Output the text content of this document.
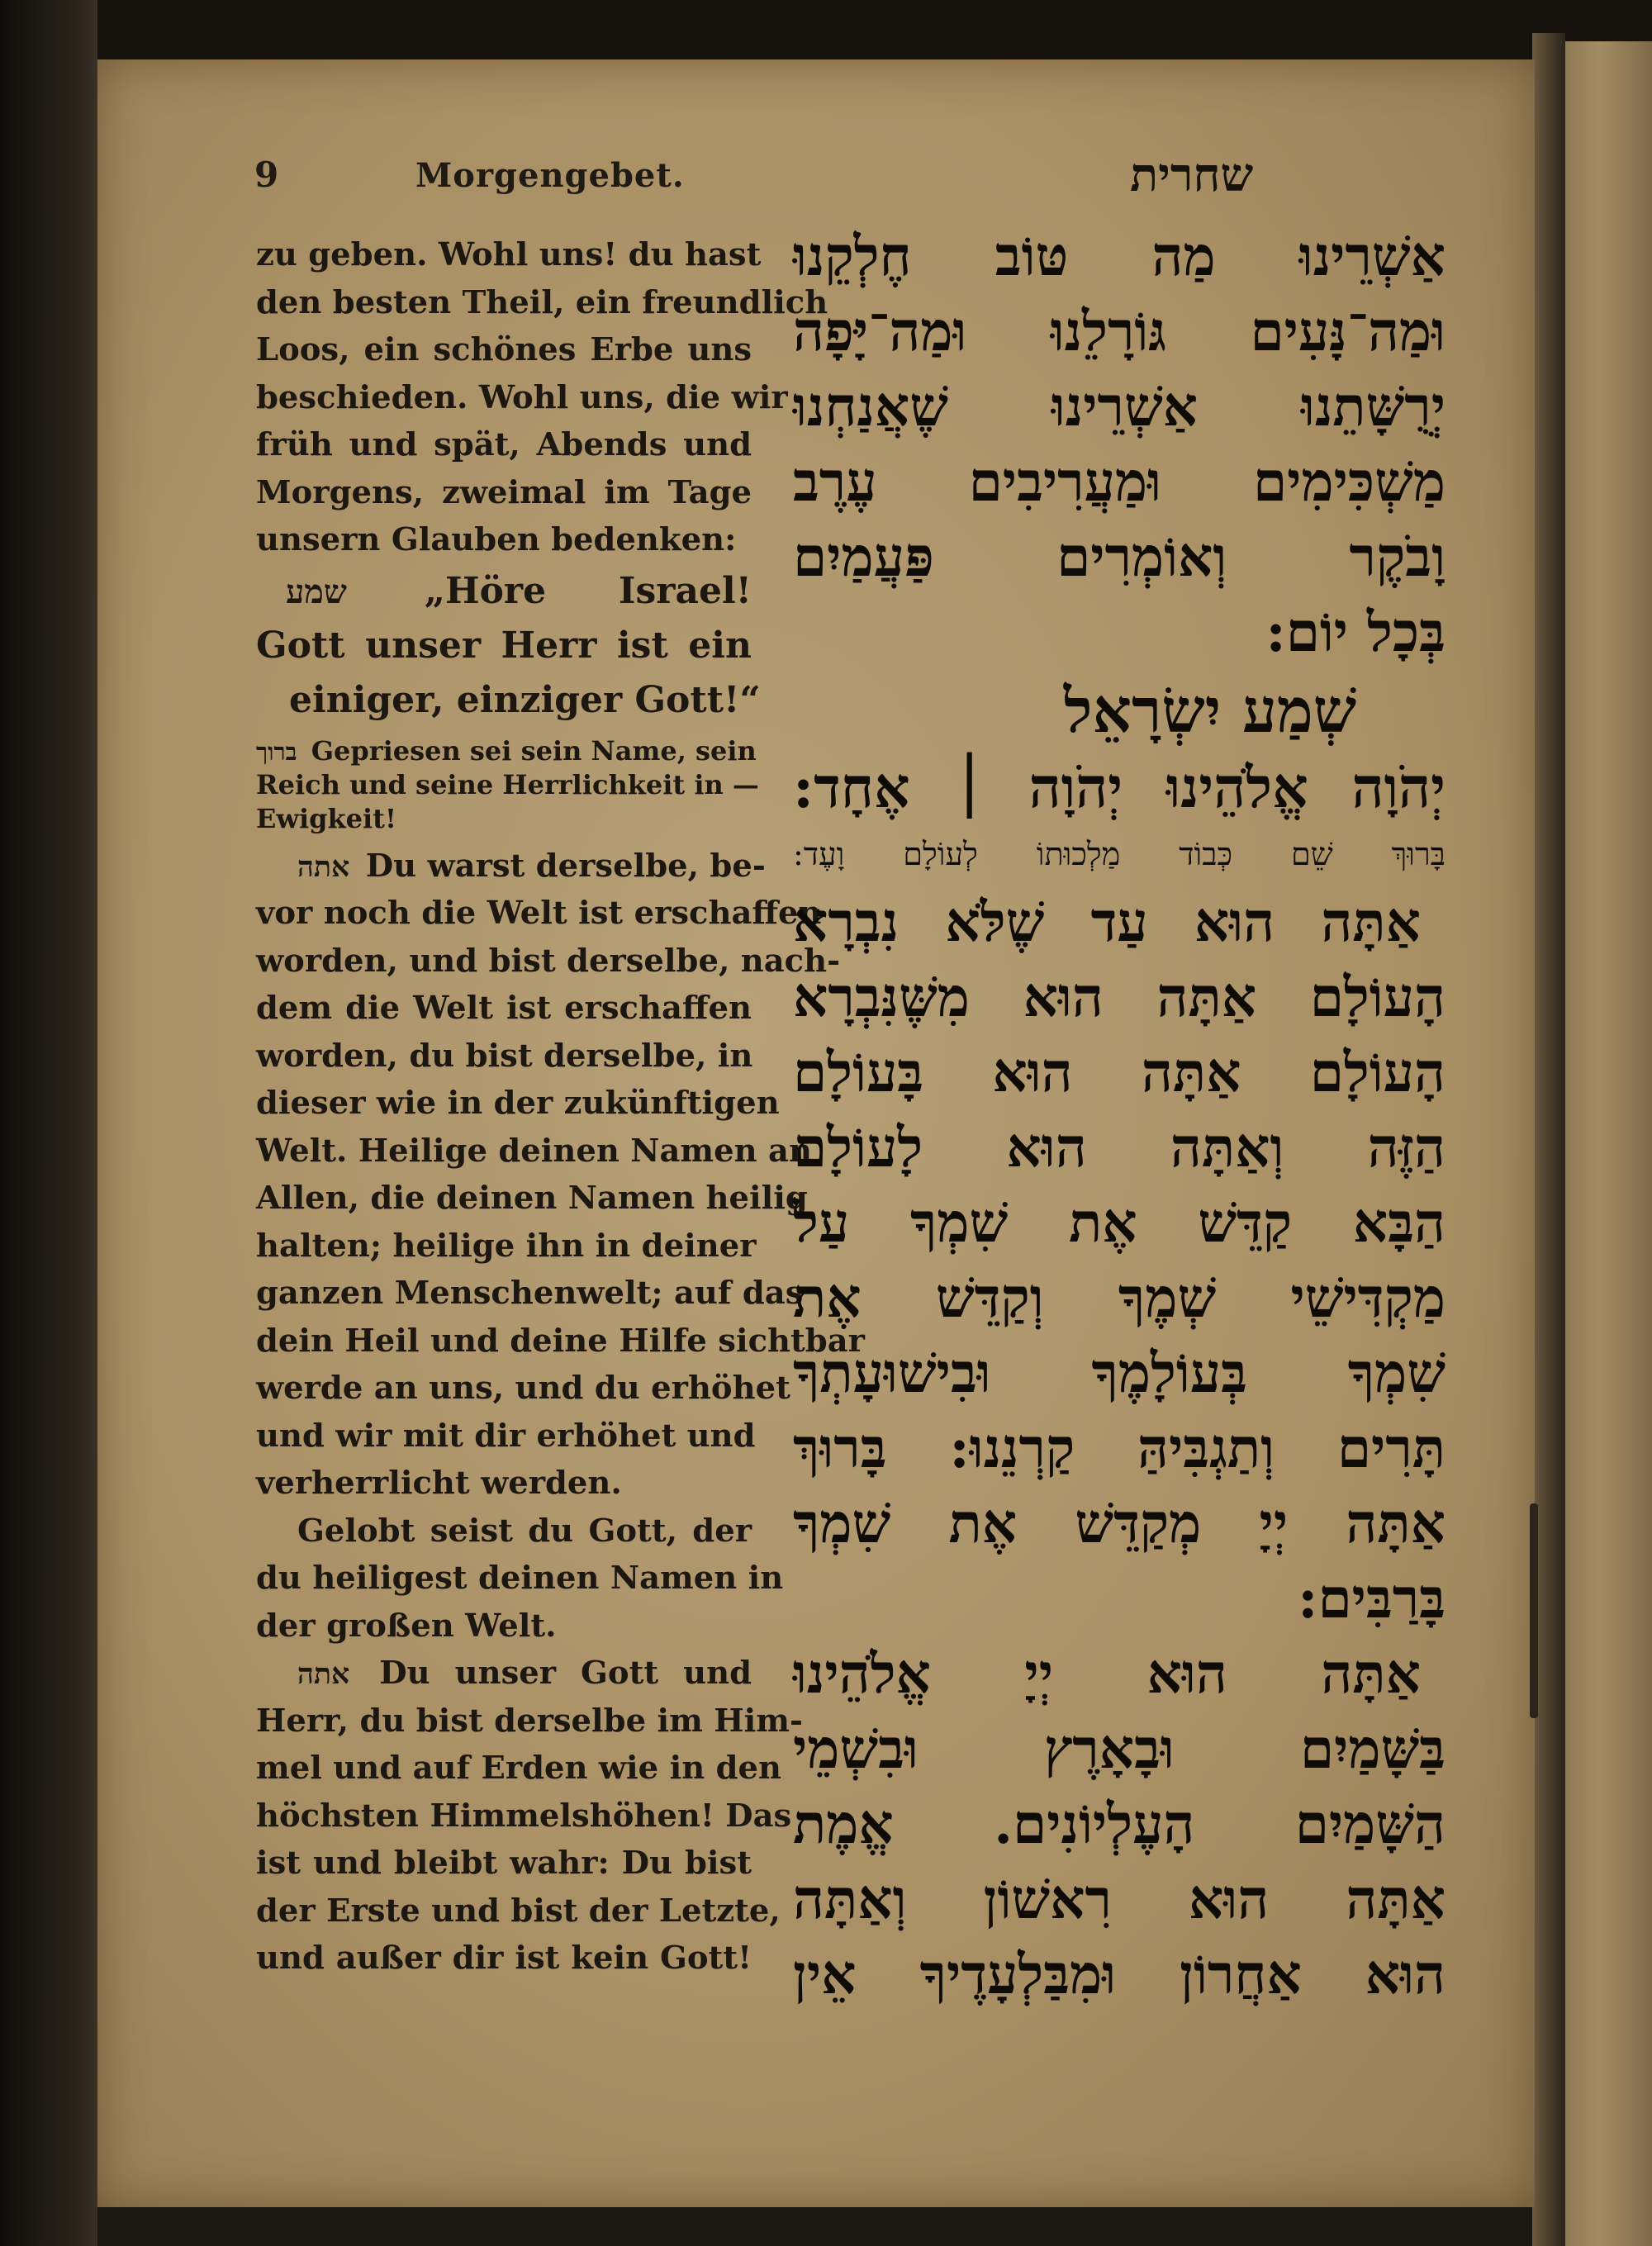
9	Morgengebet.	שחרית
zu geben. Wohl uns! du hast
den besten Theil, ein freundlich
Loos, ein schönes Erbe uns
beschieden. Wohl uns, die wir
früh und spät, Abends und
Morgens, zweimal im Tage
unsern Glauben bedenken:
שמע „Höre Israel!
Gott unser Herr ist ein
einiger, einziger Gott!“
ברוך Gepriesen sei sein Name, sein
Reich und seine Herrlichkeit in —
Ewigkeit!
אתה Du warst derselbe, be-
vor noch die Welt ist erschaffen
worden, und bist derselbe, nach-
dem die Welt ist erschaffen
worden, du bist derselbe, in
dieser wie in der zukünftigen
Welt. Heilige deinen Namen an
Allen, die deinen Namen heilig
halten; heilige ihn in deiner
ganzen Menschenwelt; auf das
dein Heil und deine Hilfe sichtbar
werde an uns, und du erhöhet
und wir mit dir erhöhet und
verherrlicht werden.
Gelobt seist du Gott, der
du heiligest deinen Namen in
der großen Welt.
אתה Du unser Gott und
Herr, du bist derselbe im Him-
mel und auf Erden wie in den
höchsten Himmelshöhen! Das
ist und bleibt wahr: Du bist
der Erste und bist der Letzte,
und außer dir ist kein Gott!
אַשְׁרֵינוּ מַה טּוֹב חֶלְקֵנוּ
וּמַה־נָּעִים גּוֹרָלֵנוּ וּמַה־יָּפָה
יְרֻשָּׁתֵנוּ אַשְׁרֵינוּ שֶׁאֲנַחְנוּ
מַשְׁכִּימִים וּמַעֲרִיבִים עֶרֶב
וָבֹקֶר וְאוֹמְרִים פַּעֲמַיִם
בְּכָל יוֹם:
שְׁמַע יִשְׂרָאֵל
יְהֹוָה אֱלֹהֵינוּ יְהֹוָה ׀ אֶחָד:
בָּרוּךְ שֵׁם כְּבוֹד מַלְכוּתוֹ לְעוֹלָם וָעֶד:
אַתָּה הוּא עַד שֶׁלֹּא נִבְרָא
הָעוֹלָם אַתָּה הוּא מִשֶּׁנִּבְרָא
הָעוֹלָם אַתָּה הוּא בָּעוֹלָם
הַזֶּה וְאַתָּה הוּא לָעוֹלָם
הַבָּא קַדֵּשׁ אֶת שִׁמְךָ עַל
מַקְדִּישֵׁי שְׁמֶךָ וְקַדֵּשׁ אֶת
שִׁמְךָ בְּעוֹלָמֶךָ וּבִישׁוּעָתְךָ
תָּרִים וְתַגְבִּיהַּ קַרְנֵנוּ: בָּרוּךְ
אַתָּה יְיָ מְקַדֵּשׁ אֶת שִׁמְךָ
בָּרַבִּים:
אַתָּה הוּא יְיָ אֱלֹהֵינוּ
בַּשָּׁמַיִם וּבָאָרֶץ וּבִשְׁמֵי
הַשָּׁמַיִם הָעֶלְיוֹנִים. אֱמֶת
אַתָּה הוּא רִאשׁוֹן וְאַתָּה
הוּא אַחֲרוֹן וּמִבַּלְעָדֶיךָ אֵין
